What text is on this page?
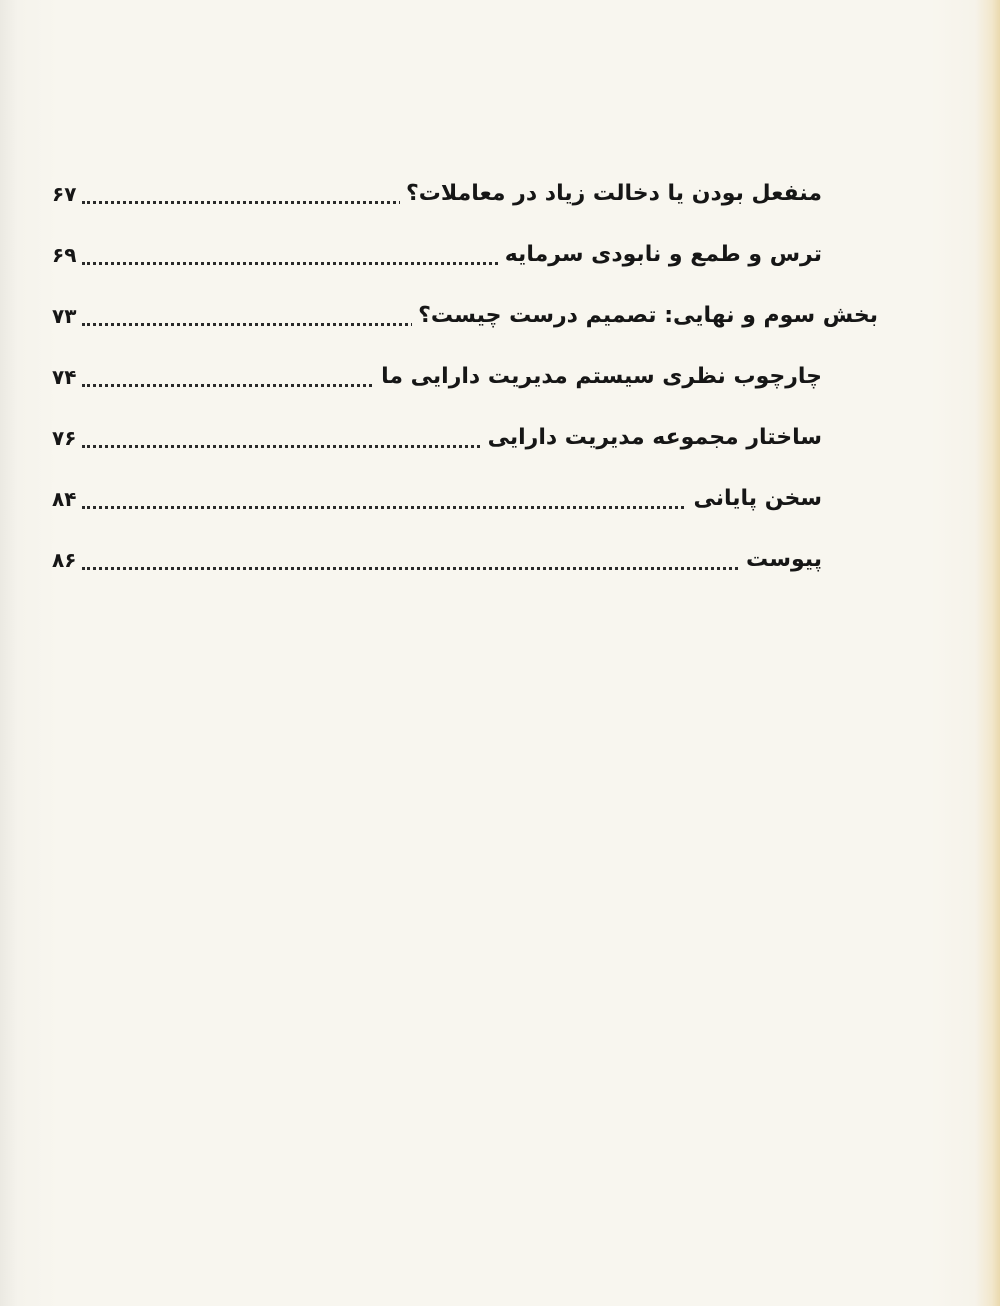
منفعل بودن یا دخالت زیاد در معاملات؟
۶۷
ترس و طمع و نابودی سرمایه
۶۹
بخش سوم و نهایی: تصمیم درست چیست؟
۷۳
چارچوب نظری سیستم مدیریت دارایی ما
۷۴
ساختار مجموعه مدیریت دارایی
۷۶
سخن پایانی
۸۴
پیوست
۸۶
